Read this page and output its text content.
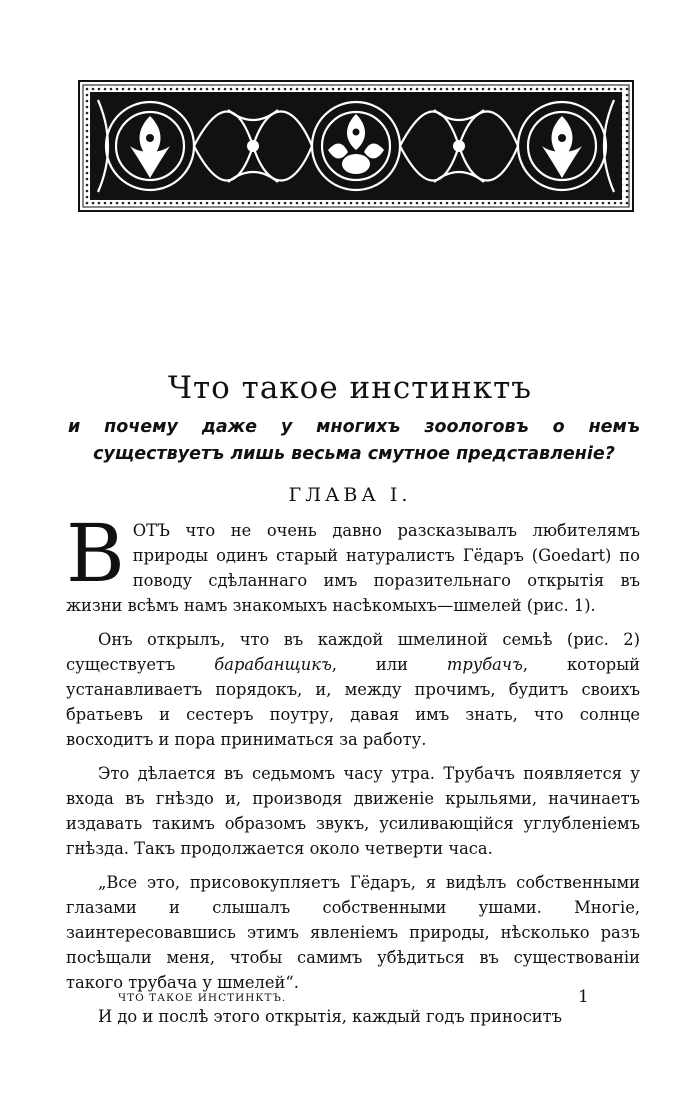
Что такое инстинктъ

и почему даже у многихъ зоологовъ о немъ существуетъ лишь весьма смутное представленіе?

ГЛАВА I.

ВОТЪ что не очень давно разсказывалъ любителямъ природы одинъ старый натуралистъ Гёдаръ (Goedart) по поводу сдѣланнаго имъ поразительнаго открытія въ жизни всѣмъ намъ знакомыхъ насѣкомыхъ—шмелей (рис. 1).

Онъ открылъ, что въ каждой шмелиной семьѣ (рис. 2) существуетъ барабанщикъ, или трубачъ, который устанавливаетъ порядокъ, и, между прочимъ, будитъ своихъ братьевъ и сестеръ поутру, давая имъ знать, что солнце восходитъ и пора приниматься за работу.

Это дѣлается въ седьмомъ часу утра. Трубачъ появляется у входа въ гнѣздо и, производя движеніе крыльями, начинаетъ издавать такимъ образомъ звукъ, усиливающійся углубленіемъ гнѣзда. Такъ продолжается около четверти часа.

„Все это, присовокупляетъ Гёдаръ, я видѣлъ собственными глазами и слышалъ собственными ушами. Многіе, заинтересовавшись этимъ явленіемъ природы, нѣсколько разъ посѣщали меня, чтобы самимъ убѣдиться въ существованіи такого трубача у шмелей“.

И до и послѣ этого открытія, каждый годъ приноситъ

ЧТО ТАКОЕ ИНСТИНКТЪ.	1
